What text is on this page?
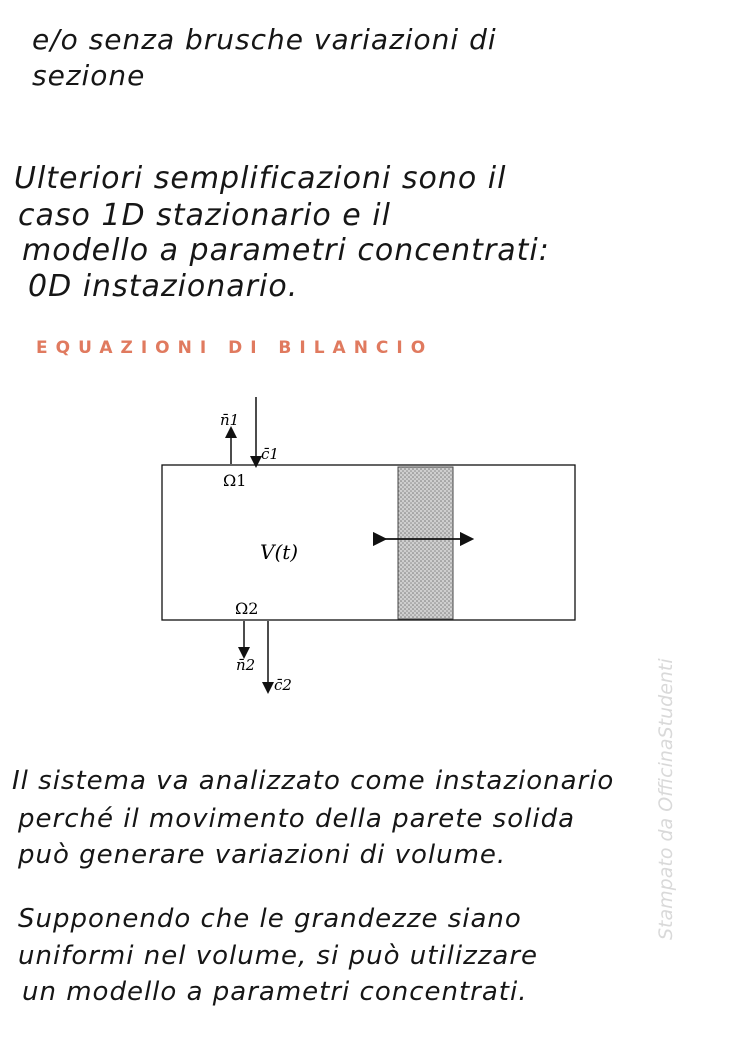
e/o senza brusche variazioni di
sezione
Ulteriori semplificazioni sono il
caso 1D stazionario e il
modello a parametri concentrati:
0D instazionario.
EQUAZIONI DI BILANCIO
n̄1
c̄1
Ω1
V(t)
Ω2
n̄2
c̄2
Il sistema va analizzato come instazionario
perché il movimento della parete solida
può generare variazioni di volume.
Supponendo che le grandezze siano
uniformi nel volume, si può utilizzare
un modello a parametri concentrati.
Stampato da OfficinaStudenti
